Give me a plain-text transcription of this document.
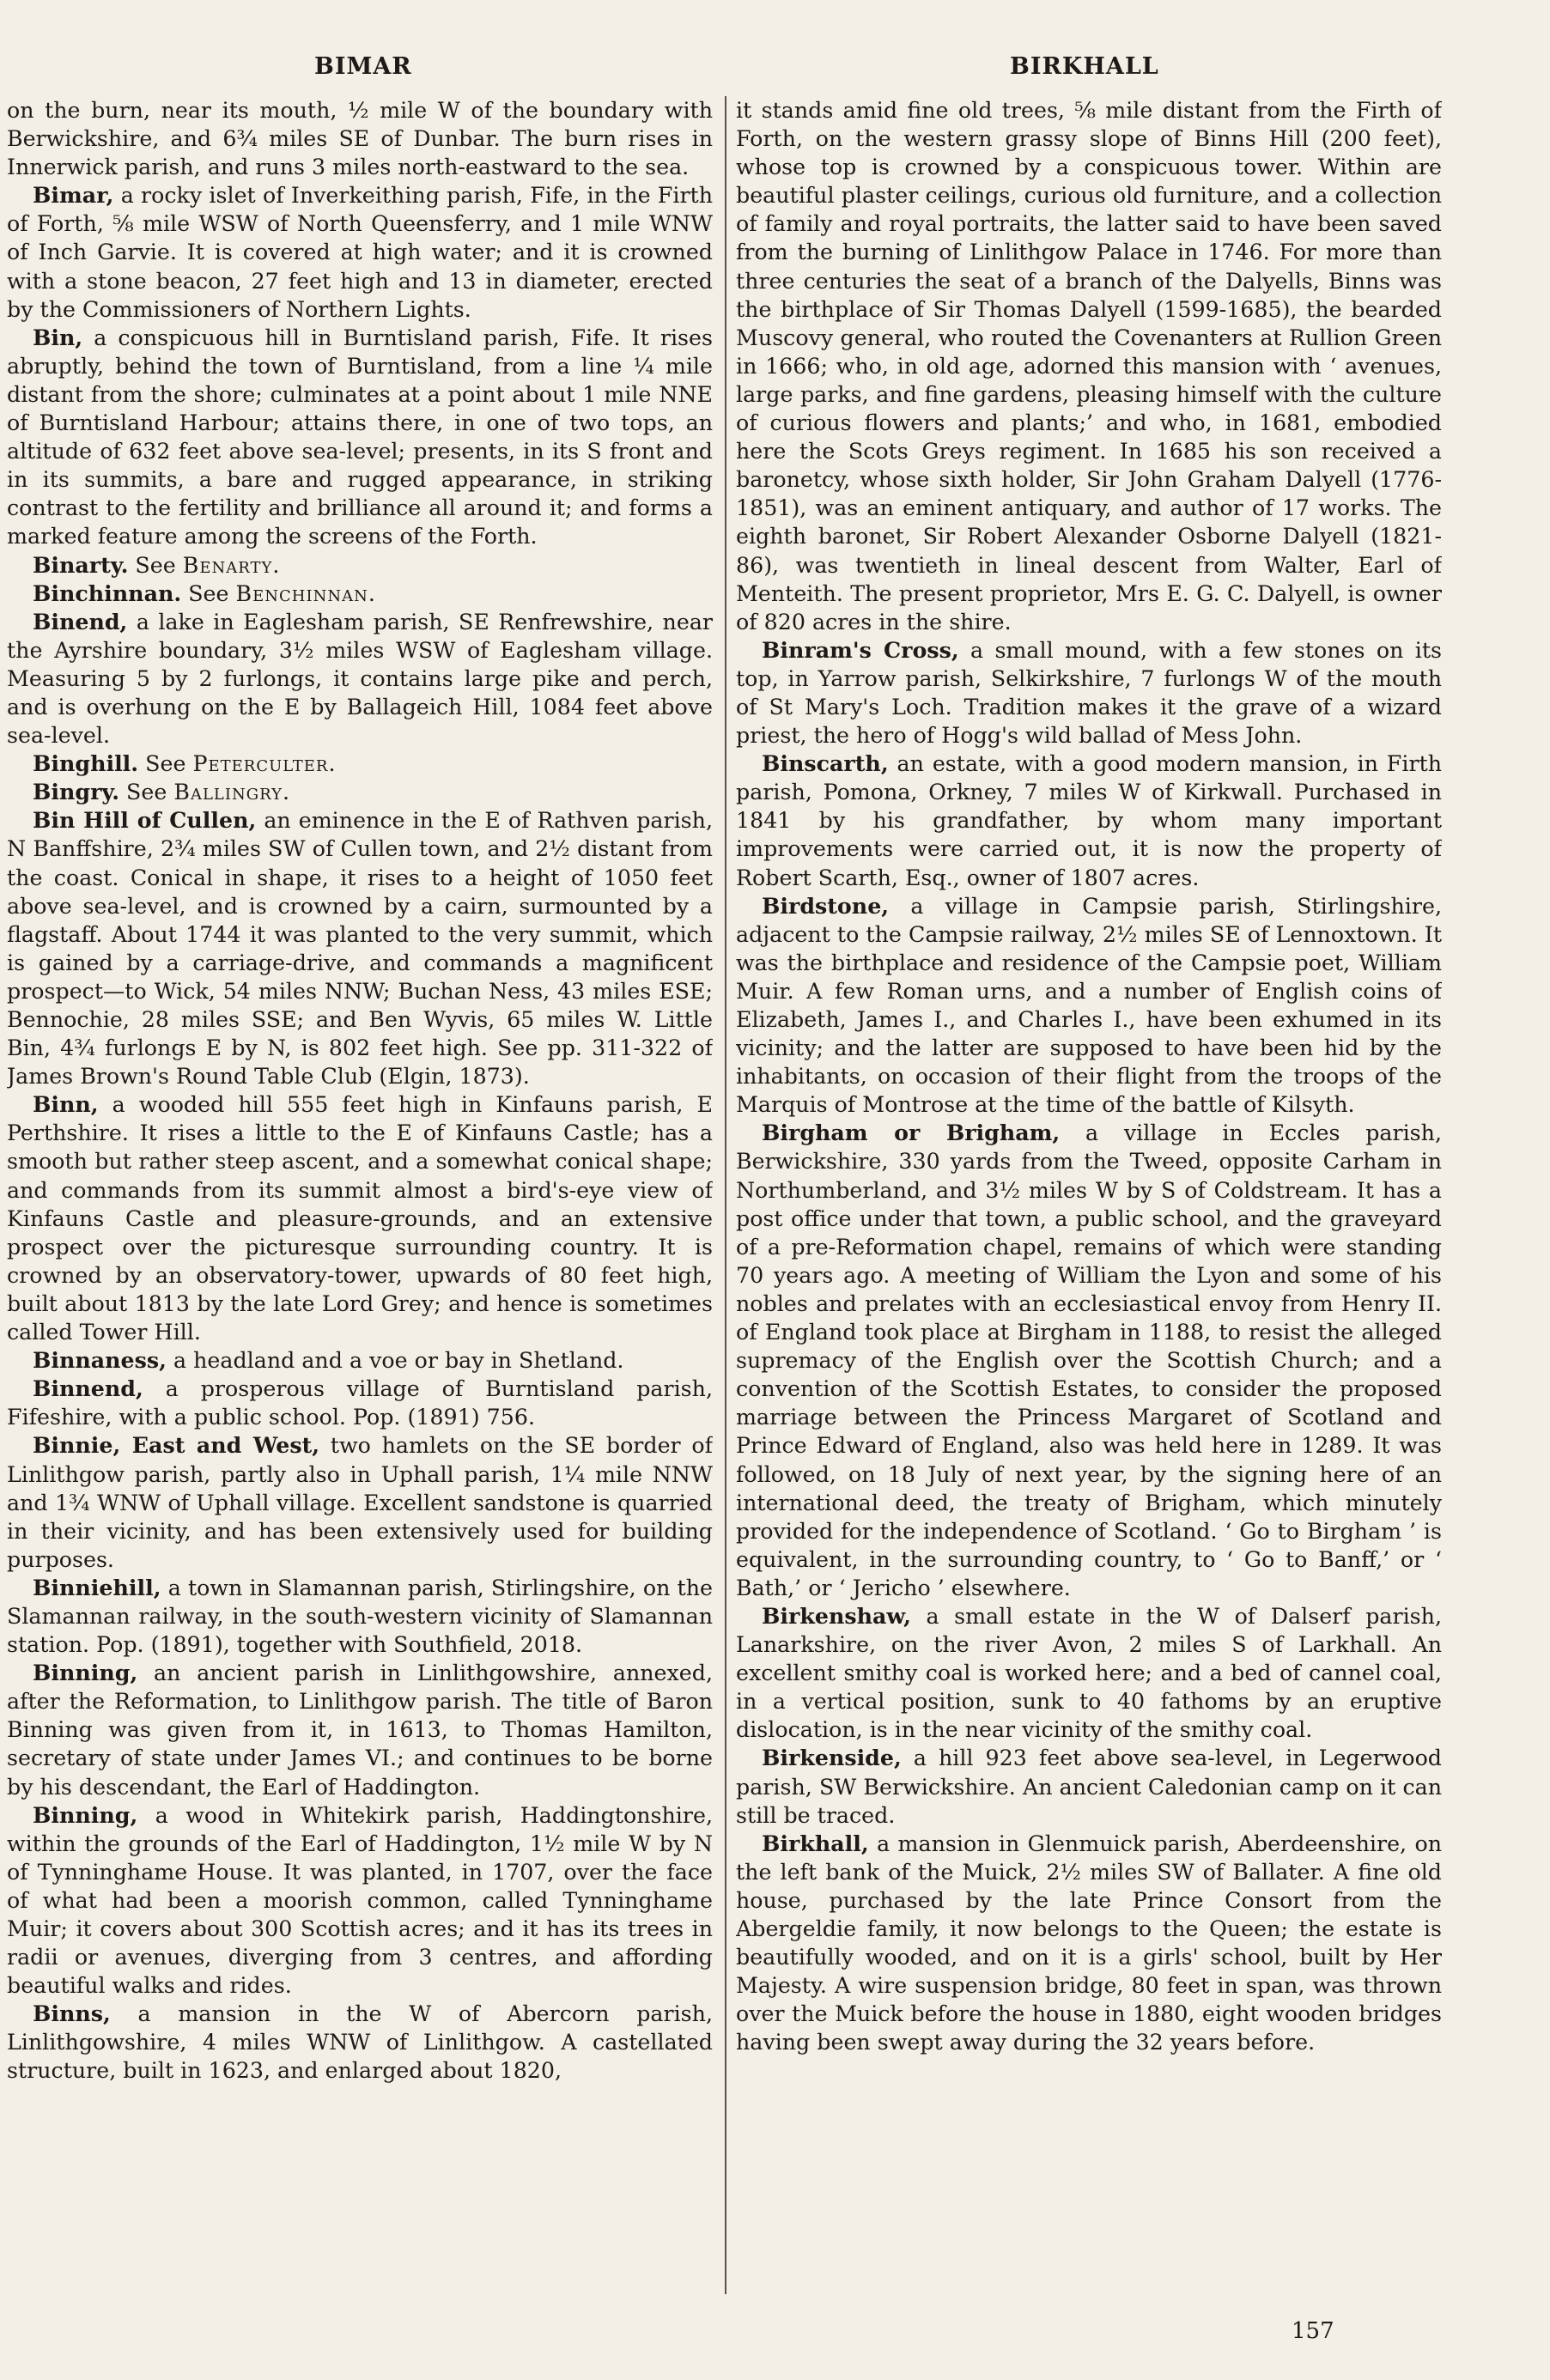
BIMAR	BIRKHALL

on the burn, near its mouth, ½ mile W of the boundary with Berwickshire, and 6¾ miles SE of Dunbar. The burn rises in Innerwick parish, and runs 3 miles north-eastward to the sea.

Bimar, a rocky islet of Inverkeithing parish, Fife, in the Firth of Forth, ⅝ mile WSW of North Queensferry, and 1 mile WNW of Inch Garvie. It is covered at high water; and it is crowned with a stone beacon, 27 feet high and 13 in diameter, erected by the Commissioners of Northern Lights.

Bin, a conspicuous hill in Burntisland parish, Fife. It rises abruptly, behind the town of Burntisland, from a line ¼ mile distant from the shore; culminates at a point about 1 mile NNE of Burntisland Harbour; attains there, in one of two tops, an altitude of 632 feet above sea-level; presents, in its S front and in its summits, a bare and rugged appearance, in striking contrast to the fertility and brilliance all around it; and forms a marked feature among the screens of the Forth.

Binarty. See Benarty.

Binchinnan. See Benchinnan.

Binend, a lake in Eaglesham parish, SE Renfrewshire, near the Ayrshire boundary, 3½ miles WSW of Eaglesham village. Measuring 5 by 2 furlongs, it contains large pike and perch, and is overhung on the E by Ballageich Hill, 1084 feet above sea-level.

Binghill. See Peterculter.

Bingry. See Ballingry.

Bin Hill of Cullen, an eminence in the E of Rathven parish, N Banffshire, 2¾ miles SW of Cullen town, and 2½ distant from the coast. Conical in shape, it rises to a height of 1050 feet above sea-level, and is crowned by a cairn, surmounted by a flagstaff. About 1744 it was planted to the very summit, which is gained by a carriage-drive, and commands a magnificent prospect—to Wick, 54 miles NNW; Buchan Ness, 43 miles ESE; Bennochie, 28 miles SSE; and Ben Wyvis, 65 miles W. Little Bin, 4¾ furlongs E by N, is 802 feet high. See pp. 311-322 of James Brown's Round Table Club (Elgin, 1873).

Binn, a wooded hill 555 feet high in Kinfauns parish, E Perthshire. It rises a little to the E of Kinfauns Castle; has a smooth but rather steep ascent, and a somewhat conical shape; and commands from its summit almost a bird's-eye view of Kinfauns Castle and pleasure-grounds, and an extensive prospect over the picturesque surrounding country. It is crowned by an observatory-tower, upwards of 80 feet high, built about 1813 by the late Lord Grey; and hence is sometimes called Tower Hill.

Binnaness, a headland and a voe or bay in Shetland.

Binnend, a prosperous village of Burntisland parish, Fifeshire, with a public school. Pop. (1891) 756.

Binnie, East and West, two hamlets on the SE border of Linlithgow parish, partly also in Uphall parish, 1¼ mile NNW and 1¾ WNW of Uphall village. Excellent sandstone is quarried in their vicinity, and has been extensively used for building purposes.

Binniehill, a town in Slamannan parish, Stirlingshire, on the Slamannan railway, in the south-western vicinity of Slamannan station. Pop. (1891), together with Southfield, 2018.

Binning, an ancient parish in Linlithgowshire, annexed, after the Reformation, to Linlithgow parish. The title of Baron Binning was given from it, in 1613, to Thomas Hamilton, secretary of state under James VI.; and continues to be borne by his descendant, the Earl of Haddington.

Binning, a wood in Whitekirk parish, Haddingtonshire, within the grounds of the Earl of Haddington, 1½ mile W by N of Tynninghame House. It was planted, in 1707, over the face of what had been a moorish common, called Tynninghame Muir; it covers about 300 Scottish acres; and it has its trees in radii or avenues, diverging from 3 centres, and affording beautiful walks and rides.

Binns, a mansion in the W of Abercorn parish, Linlithgowshire, 4 miles WNW of Linlithgow. A castellated structure, built in 1623, and enlarged about 1820,

it stands amid fine old trees, ⅝ mile distant from the Firth of Forth, on the western grassy slope of Binns Hill (200 feet), whose top is crowned by a conspicuous tower. Within are beautiful plaster ceilings, curious old furniture, and a collection of family and royal portraits, the latter said to have been saved from the burning of Linlithgow Palace in 1746. For more than three centuries the seat of a branch of the Dalyells, Binns was the birthplace of Sir Thomas Dalyell (1599-1685), the bearded Muscovy general, who routed the Covenanters at Rullion Green in 1666; who, in old age, adorned this mansion with ‘ avenues, large parks, and fine gardens, pleasing himself with the culture of curious flowers and plants;’ and who, in 1681, embodied here the Scots Greys regiment. In 1685 his son received a baronetcy, whose sixth holder, Sir John Graham Dalyell (1776-1851), was an eminent antiquary, and author of 17 works. The eighth baronet, Sir Robert Alexander Osborne Dalyell (1821-86), was twentieth in lineal descent from Walter, Earl of Menteith. The present proprietor, Mrs E. G. C. Dalyell, is owner of 820 acres in the shire.

Binram's Cross, a small mound, with a few stones on its top, in Yarrow parish, Selkirkshire, 7 furlongs W of the mouth of St Mary's Loch. Tradition makes it the grave of a wizard priest, the hero of Hogg's wild ballad of Mess John.

Binscarth, an estate, with a good modern mansion, in Firth parish, Pomona, Orkney, 7 miles W of Kirkwall. Purchased in 1841 by his grandfather, by whom many important improvements were carried out, it is now the property of Robert Scarth, Esq., owner of 1807 acres.

Birdstone, a village in Campsie parish, Stirlingshire, adjacent to the Campsie railway, 2½ miles SE of Lennoxtown. It was the birthplace and residence of the Campsie poet, William Muir. A few Roman urns, and a number of English coins of Elizabeth, James I., and Charles I., have been exhumed in its vicinity; and the latter are supposed to have been hid by the inhabitants, on occasion of their flight from the troops of the Marquis of Montrose at the time of the battle of Kilsyth.

Birgham or Brigham, a village in Eccles parish, Berwickshire, 330 yards from the Tweed, opposite Carham in Northumberland, and 3½ miles W by S of Coldstream. It has a post office under that town, a public school, and the graveyard of a pre-Reformation chapel, remains of which were standing 70 years ago. A meeting of William the Lyon and some of his nobles and prelates with an ecclesiastical envoy from Henry II. of England took place at Birgham in 1188, to resist the alleged supremacy of the English over the Scottish Church; and a convention of the Scottish Estates, to consider the proposed marriage between the Princess Margaret of Scotland and Prince Edward of England, also was held here in 1289. It was followed, on 18 July of next year, by the signing here of an international deed, the treaty of Brigham, which minutely provided for the independence of Scotland. ‘ Go to Birgham ’ is equivalent, in the surrounding country, to ‘ Go to Banff,’ or ‘ Bath,’ or ‘ Jericho ’ elsewhere.

Birkenshaw, a small estate in the W of Dalserf parish, Lanarkshire, on the river Avon, 2 miles S of Larkhall. An excellent smithy coal is worked here; and a bed of cannel coal, in a vertical position, sunk to 40 fathoms by an eruptive dislocation, is in the near vicinity of the smithy coal.

Birkenside, a hill 923 feet above sea-level, in Legerwood parish, SW Berwickshire. An ancient Caledonian camp on it can still be traced.

Birkhall, a mansion in Glenmuick parish, Aberdeenshire, on the left bank of the Muick, 2½ miles SW of Ballater. A fine old house, purchased by the late Prince Consort from the Abergeldie family, it now belongs to the Queen; the estate is beautifully wooded, and on it is a girls' school, built by Her Majesty. A wire suspension bridge, 80 feet in span, was thrown over the Muick before the house in 1880, eight wooden bridges having been swept away during the 32 years before.

157
